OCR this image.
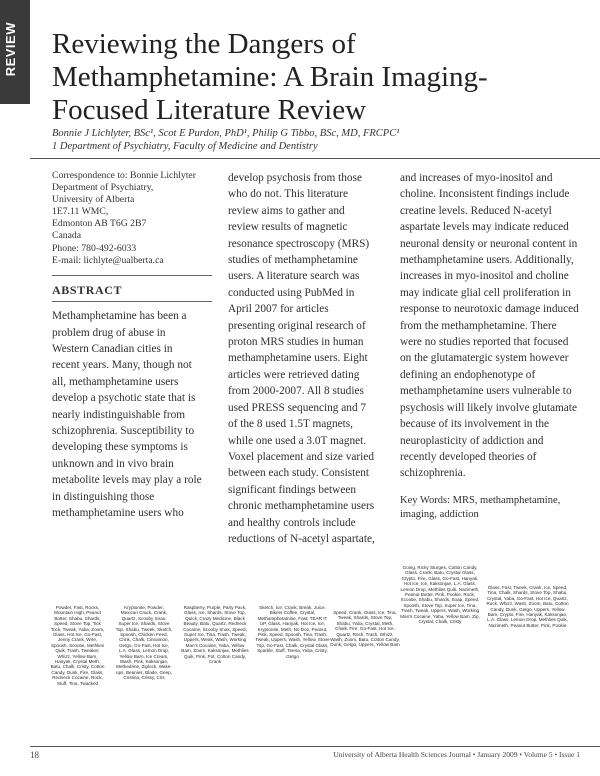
REVIEW Reviewing the Dangers of Methamphetamine: A Brain Imaging-Focused Literature Review
Bonnie J Lichlyter, BSc¹, Scot E Purdon, PhD¹, Philip G Tibbo, BSc, MD, FRCPC¹
1 Department of Psychiatry, Faculty of Medicine and Dentistry
Correspondence to: Bonnie Lichlyter
Department of Psychiatry,
University of Alberta
1E7.11 WMC,
Edmonton AB T6G 2B7
Canada
Phone: 780-492-6033
E-mail: lichlyte@ualberta.ca
ABSTRACT

Methamphetamine has been a problem drug of abuse in Western Canadian cities in recent years. Many, though not all, methamphetamine users develop a psychotic state that is nearly indistinguishable from schizophrenia. Susceptibility to developing these symptoms is unknown and in vivo brain metabolite levels may play a role in distinguishing those methamphetamine users who

develop psychosis from those who do not. This literature review aims to gather and review results of magnetic resonance spectroscopy (MRS) studies of methamphetamine users. A literature search was conducted using PubMed in April 2007 for articles presenting original research of proton MRS studies in human methamphetamine users. Eight articles were retrieved dating from 2000-2007. All 8 studies used PRESS sequencing and 7 of the 8 used 1.5T magnets, while one used a 3.0T magnet. Voxel placement and size varied between each study. Consistent significant findings between chronic methamphetamine users and healthy controls include reductions of N-acetyl aspartate,

and increases of myo-inositol and choline. Inconsistent findings include creatine levels. Reduced N-acetyl aspartate levels may indicate reduced neuronal density or neuronal content in methamphetamine users. Additionally, increases in myo-inositol and choline may indicate glial cell proliferation in response to neurotoxic damage induced from the methamphetamine. There were no studies reported that focused on the glutamatergic system however defining an endophenotype of methamphetamine users vulnerable to psychosis will likely involve glutamate because of its involvement in the neuroplasticity of addiction and recently developed theories of schizophrenia.

Key Words: MRS, methamphetamine, imaging, addiction
Powder, Fast, Rocks, Mountain High, Peanut Butter, Shabu, Shards, Speed, Stove Top, Tick Tock, Tweak, Yaba, Zoom, Glass, Hot Ice, Go-Fast, Jenny Crank, Wire, Spoosh, Scootie, Methlies Quik, Trash, Tweaker, Whizz, Yellow Bam, Hanyak, Crystal Meth, Batu, Chalk, Cristy, Cotton Candy, Dunk, Fire, Glass, Redneck Cocaine, Rock, Stuff, Tina, Twacked
Kryptonite, Powder, Mexican Crack, Crank, Quartz, Scooby Snax, Super Ice, Shards, Stove Top, Shabu, Tweek, Sketch, Spoosh, Chicken Feed, Crink, Chalk, Cinnamon, Getgo, Go-Fast, Hot Ice, L.A. Glass, Lemon Drop, Yellow Barn, Ice Cream, Wash, Pink, Kaksonjae, Methedrine, Ziplock, Wake-ups, Beanies, Blade, Geep, Cristina, Crissy, Cris
Raspberry, Purple, Party Pack, Glass, Ice, Shards, Stove Top, Quick, Crazy Medicine, Black Beauty, Batu, Quartz, Redneck Cocaine, Scooby Snax, Speed, Super Ice, Tina, Trash, Tweak, Uppers, Weak, Wash, Working Man's Cocaine, Yaba, Yellow Bam, Zoom, Kaksonjae, Methlies Quik, Pink, Pot, Cotton Candy, Crank
Sketch, Ice, Crank, Break, Juice, Bikers Coffee, Crystal, Methamphetamine, Fast, TEAR IT UP, Glass, Hanyak, Hot Ice, Ice, Kryptonite, Meth, No Doz, Peanut, Pink, Speed, Spoosh, Tina, Trash, Tweak, Uppers, Wash, Yellow, Stove Top, Go-Fast, Chalk, Crystal Glass, Sparkle, Stuff, Teena, Yaba, Cristy, Getgo
Speed, Crank, Glass, Ice, Tina, Tweak, Shards, Stove Top, Shabu, Yaba, Crystal, Meth, Chalk, Fire, Go-Fast, Hot Ice, Quartz, Rock, Trash, Whizz, Wash, Zoom, Batu, Cotton Candy, Dunk, Getgo, Uppers, Yellow Bam
Going, Ricky Sturges, Cotton Candy, Glass, Crank, Batu, Crystal Glass, Crypto, Fire, Glass, Go-Fast, Hanyak, Hot Ice, Ice, Kaksonjae, L.A. Glass, Lemon Drop, Methlies Quik, Nazimeth, Peanut Butter, Pink, Pookie, Rock, Scootie, Shabu, Shards, Soap, Speed, Spoosh, Stove Top, Super Ice, Tina, Trash, Tweak, Uppers, Wash, Working Man's Cocaine, Yaba, Yellow Bam, Zip, Crystal, Chalk, Cristy
Glass, Fast, Tweek, Crank, Ice, Speed, Tina, Chalk, Shards, Stove Top, Shabu, Crystal, Yaba, Go-Fast, Hot Ice, Quartz, Rock, Whizz, Wash, Zoom, Batu, Cotton Candy, Dunk, Getgo, Uppers, Yellow Bam, Crypto, Fire, Hanyak, Kaksonjae, L.A. Glass, Lemon Drop, Methlies Quik, Nazimeth, Peanut Butter, Pink, Pookie
18	University of Alberta Health Sciences Journal • January 2009 • Volume 5 • Issue 1
